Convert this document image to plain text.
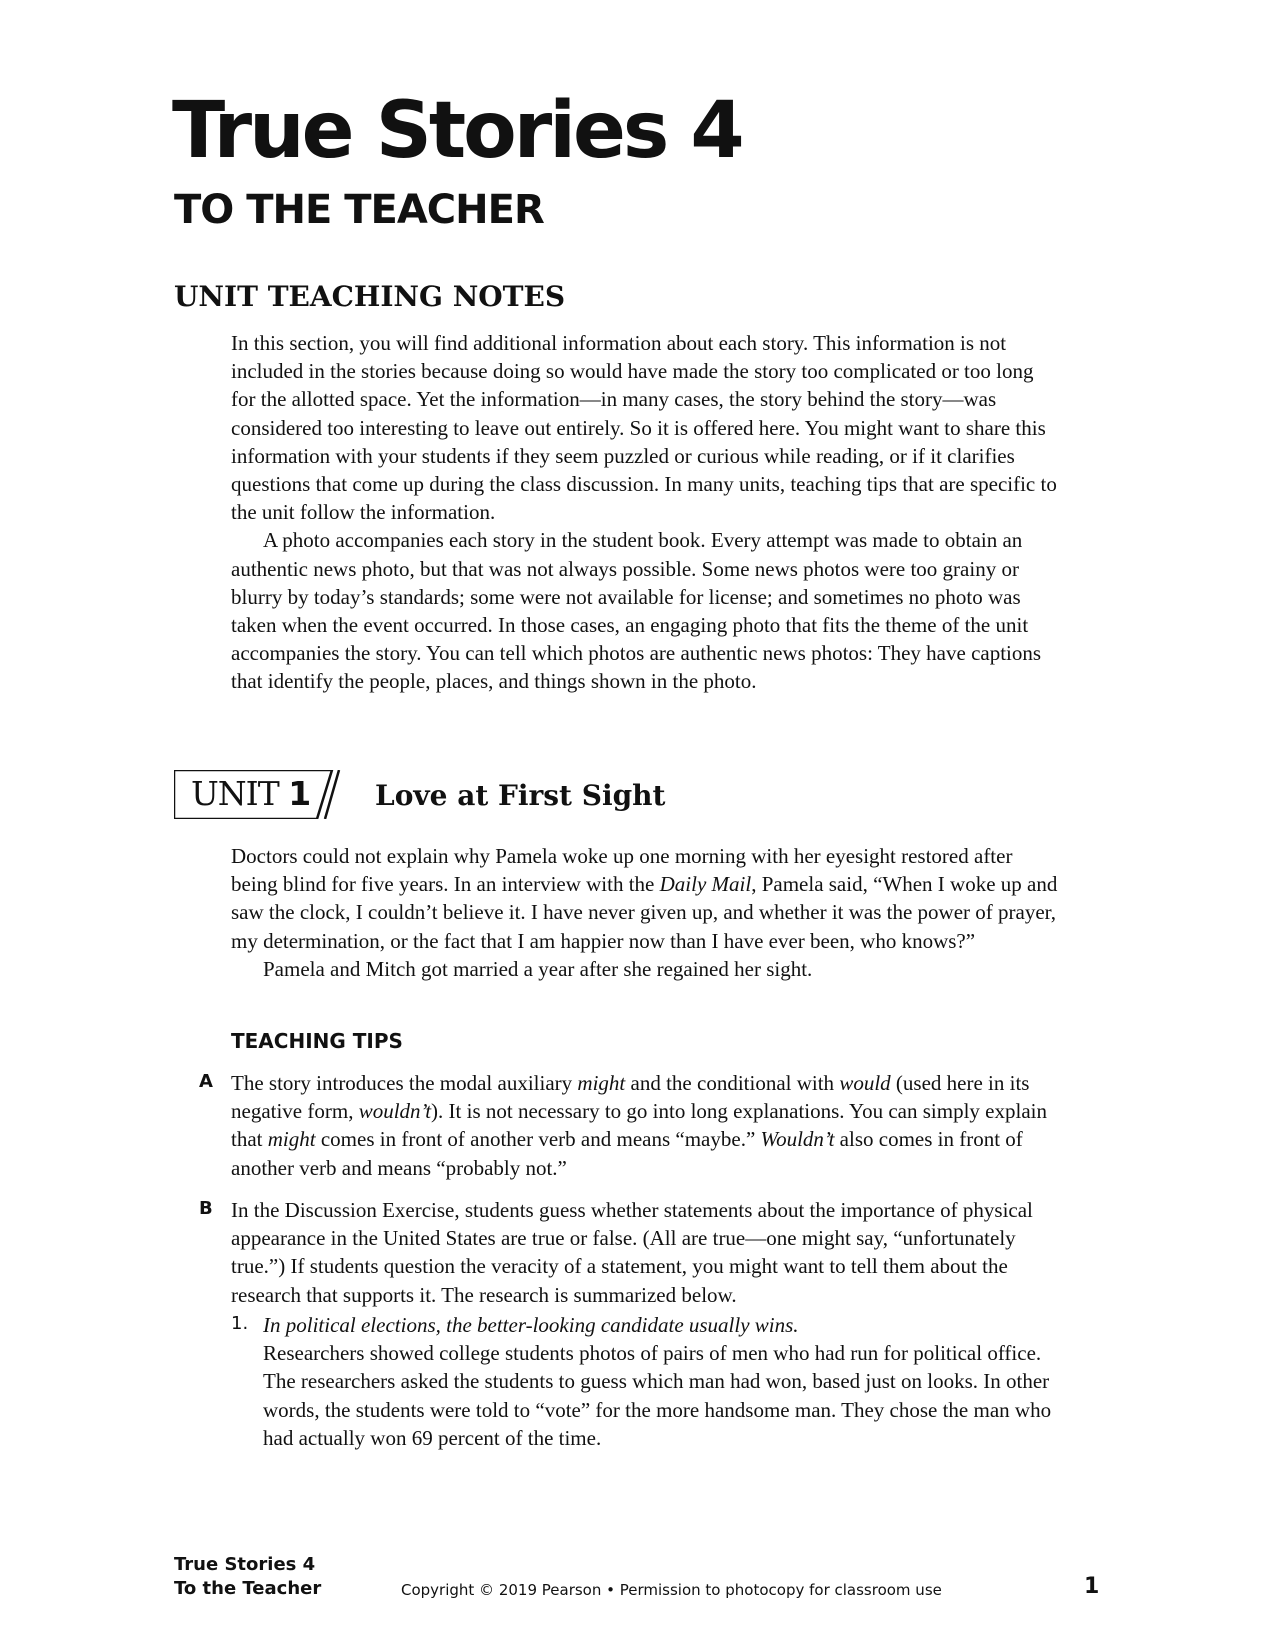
True Stories 4
TO THE TEACHER
UNIT TEACHING NOTES

In this section, you will find additional information about each story. This information is not included in the stories because doing so would have made the story too complicated or too long for the allotted space. Yet the information—in many cases, the story behind the story—was considered too interesting to leave out entirely. So it is offered here. You might want to share this information with your students if they seem puzzled or curious while reading, or if it clarifies questions that come up during the class discussion. In many units, teaching tips that are specific to the unit follow the information.

A photo accompanies each story in the student book. Every attempt was made to obtain an authentic news photo, but that was not always possible. Some news photos were too grainy or blurry by today’s standards; some were not available for license; and sometimes no photo was taken when the event occurred. In those cases, an engaging photo that fits the theme of the unit accompanies the story. You can tell which photos are authentic news photos: They have captions that identify the people, places, and things shown in the photo.

UNIT 1 Love at First Sight

Doctors could not explain why Pamela woke up one morning with her eyesight restored after being blind for five years. In an interview with the Daily Mail, Pamela said, “When I woke up and saw the clock, I couldn’t believe it. I have never given up, and whether it was the power of prayer, my determination, or the fact that I am happier now than I have ever been, who knows?”

Pamela and Mitch got married a year after she regained her sight.

TEACHING TIPS
A The story introduces the modal auxiliary might and the conditional with would (used here in its negative form, wouldn’t). It is not necessary to go into long explanations. You can simply explain that might comes in front of another verb and means “maybe.” Wouldn’t also comes in front of another verb and means “probably not.”

B In the Discussion Exercise, students guess whether statements about the importance of physical appearance in the United States are true or false. (All are true—one might say, “unfortunately true.”) If students question the veracity of a statement, you might want to tell them about the research that supports it. The research is summarized below.

1. In political elections, the better-looking candidate usually wins.

Researchers showed college students photos of pairs of men who had run for political office. The researchers asked the students to guess which man had won, based just on looks. In other words, the students were told to “vote” for the more handsome man. They chose the man who had actually won 69 percent of the time.

True Stories 4
To the Teacher	Copyright © 2019 Pearson • Permission to photocopy for classroom use	1
